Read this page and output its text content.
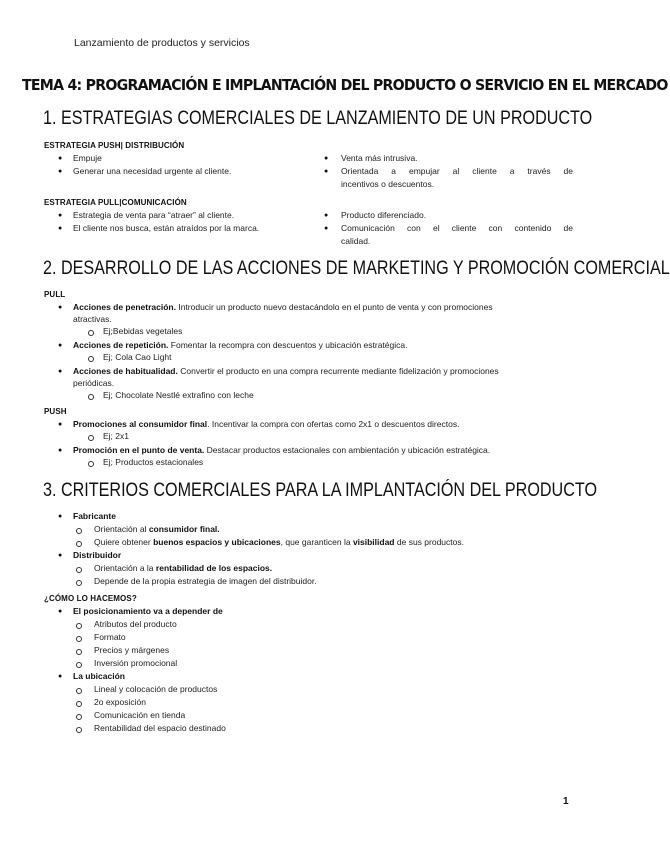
Lanzamiento de productos y servicios
TEMA 4: PROGRAMACIÓN E IMPLANTACIÓN DEL PRODUCTO O SERVICIO EN EL MERCADO
1. ESTRATEGIAS COMERCIALES DE LANZAMIENTO DE UN PRODUCTO
ESTRATEGIA PUSH| DISTRIBUCIÓN
● Empuje
● Generar una necesidad urgente al cliente.
● Venta más intrusiva.
● Orientada a empujar al cliente a través de
incentivos o descuentos.
ESTRATEGIA PULL|COMUNICACIÓN
● Estrategia de venta para “atraer” al cliente.
● El cliente nos busca, están atraídos por la marca.
● Producto diferenciado.
● Comunicación con el cliente con contenido de
calidad.
2. DESARROLLO DE LAS ACCIONES DE MARKETING Y PROMOCIÓN COMERCIAL
PULL
● Acciones de penetración. Introducir un producto nuevo destacándolo en el punto de venta y con promociones
atractivas.
Ej;Bebidas vegetales
● Acciones de repetición. Fomentar la recompra con descuentos y ubicación estratégica.
Ej; Cola Cao Light
● Acciones de habitualidad. Convertir el producto en una compra recurrente mediante fidelización y promociones
periódicas.
Ej; Chocolate Nestlé extrafino con leche
PUSH
● Promociones al consumidor final. Incentivar la compra con ofertas como 2x1 o descuentos directos.
Ej; 2x1
● Promoción en el punto de venta. Destacar productos estacionales con ambientación y ubicación estratégica.
Ej; Productos estacionales
3. CRITERIOS COMERCIALES PARA LA IMPLANTACIÓN DEL PRODUCTO
● Fabricante
Orientación al consumidor final.
Quiere obtener buenos espacios y ubicaciones, que garanticen la visibilidad de sus productos.
● Distribuidor
Orientación a la rentabilidad de los espacios.
Depende de la propia estrategia de imagen del distribuidor.
¿CÓMO LO HACEMOS?
● El posicionamiento va a depender de
Atributos del producto
Formato
Precios y márgenes
Inversión promocional
● La ubicación
Lineal y colocación de productos
2o exposición
Comunicación en tienda
Rentabilidad del espacio destinado
1
